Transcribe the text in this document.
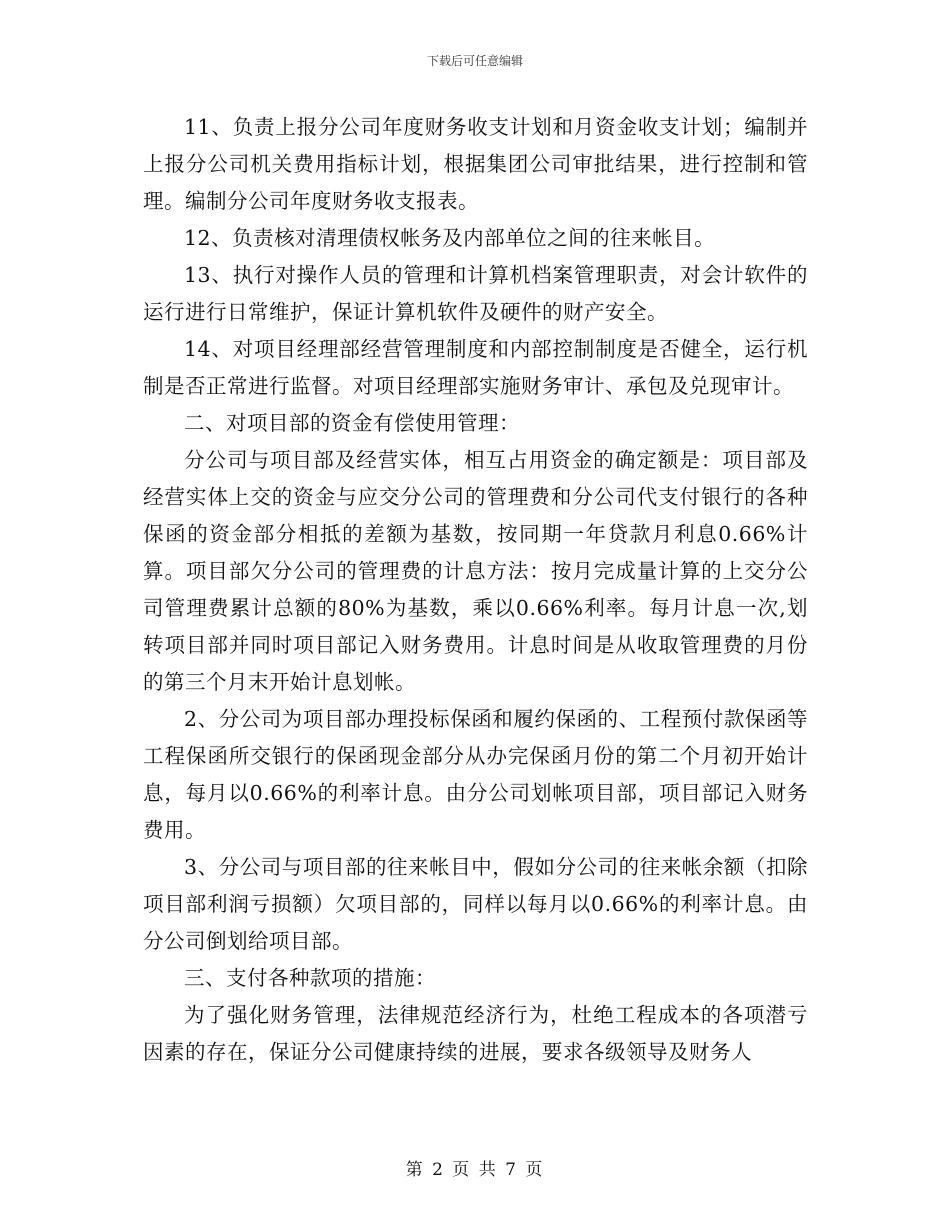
下载后可任意编辑

11、负责上报分公司年度财务收支计划和月资金收支计划；编制并上报分公司机关费用指标计划，根据集团公司审批结果，进行控制和管理。编制分公司年度财务收支报表。

12、负责核对清理债权帐务及内部单位之间的往来帐目。

13、执行对操作人员的管理和计算机档案管理职责，对会计软件的运行进行日常维护，保证计算机软件及硬件的财产安全。

14、对项目经理部经营管理制度和内部控制制度是否健全，运行机制是否正常进行监督。对项目经理部实施财务审计、承包及兑现审计。

二、对项目部的资金有偿使用管理：

分公司与项目部及经营实体，相互占用资金的确定额是：项目部及经营实体上交的资金与应交分公司的管理费和分公司代支付银行的各种保函的资金部分相抵的差额为基数，按同期一年贷款月利息0.66%计算。项目部欠分公司的管理费的计息方法：按月完成量计算的上交分公司管理费累计总额的80%为基数，乘以0.66%利率。每月计息一次,划转项目部并同时项目部记入财务费用。计息时间是从收取管理费的月份的第三个月末开始计息划帐。

2、分公司为项目部办理投标保函和履约保函的、工程预付款保函等工程保函所交银行的保函现金部分从办完保函月份的第二个月初开始计息，每月以0.66%的利率计息。由分公司划帐项目部，项目部记入财务费用。

3、分公司与项目部的往来帐目中，假如分公司的往来帐余额（扣除项目部利润亏损额）欠项目部的，同样以每月以0.66%的利率计息。由分公司倒划给项目部。

三、支付各种款项的措施：

为了强化财务管理，法律规范经济行为，杜绝工程成本的各项潜亏因素的存在，保证分公司健康持续的进展，要求各级领导及财务人

第 2 页 共 7 页
